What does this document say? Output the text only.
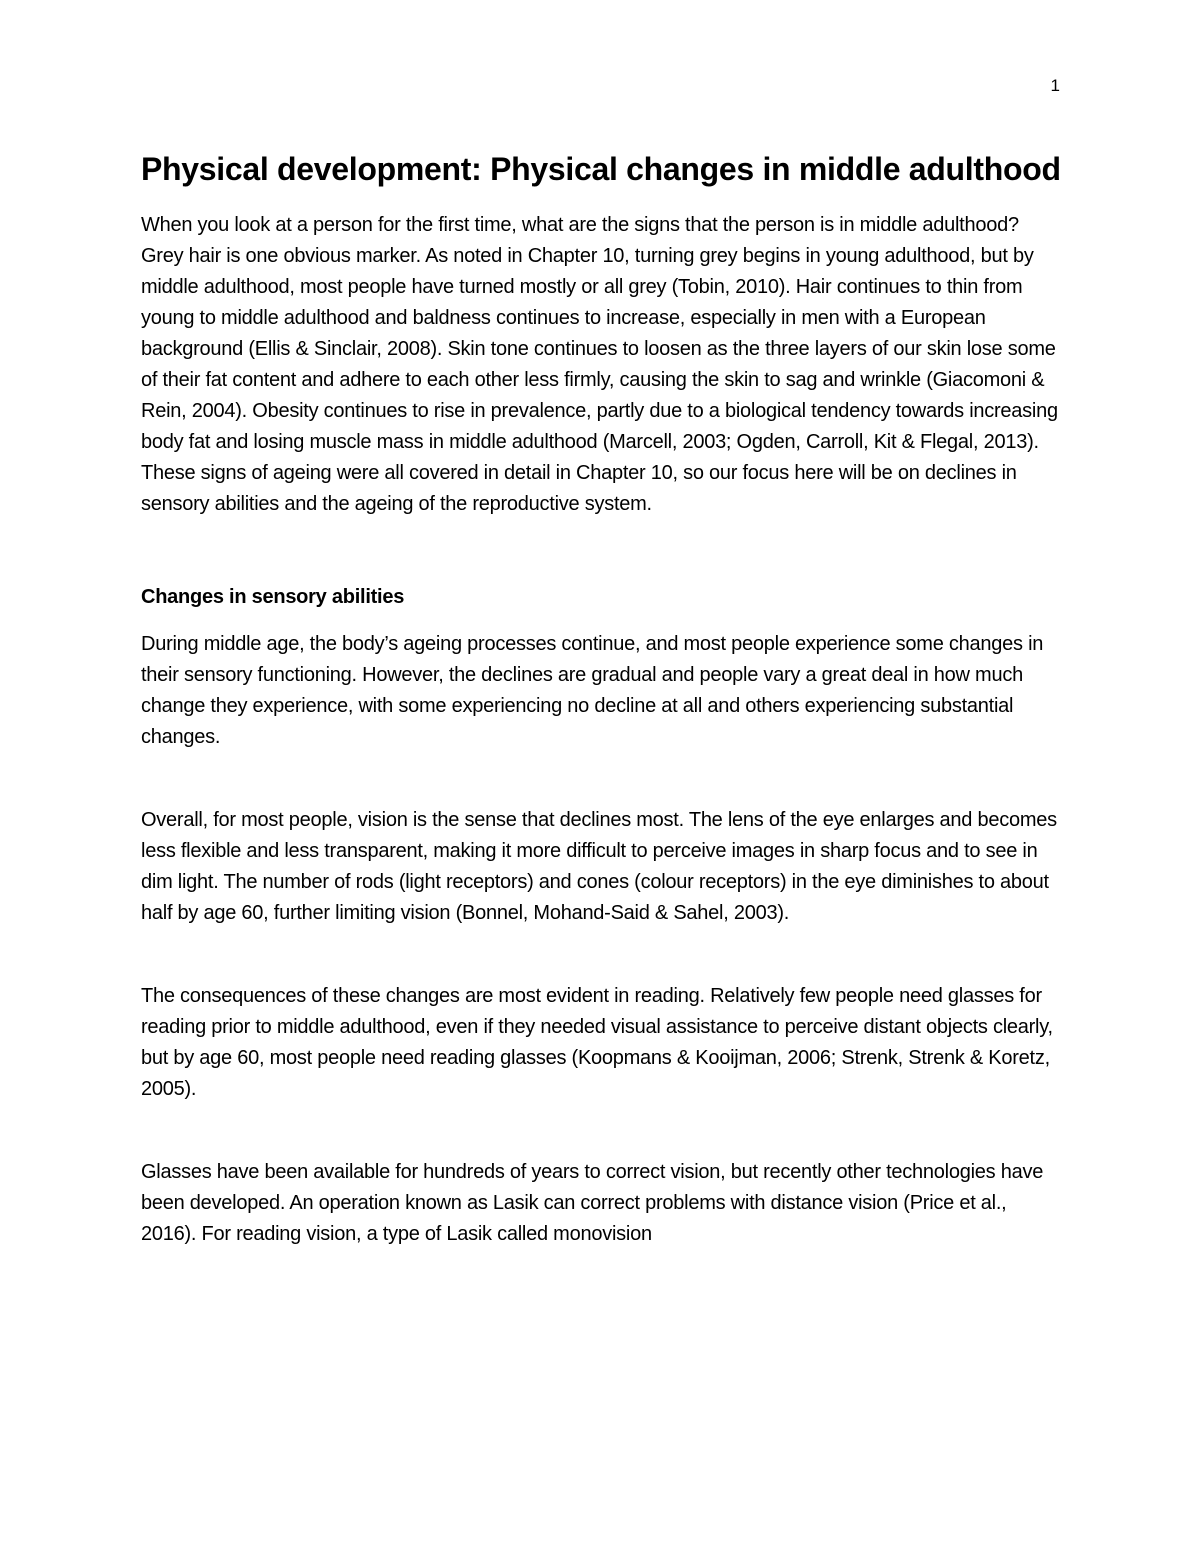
1
Physical development: Physical changes in middle adulthood

When you look at a person for the first time, what are the signs that the person is in middle adulthood? Grey hair is one obvious marker. As noted in Chapter 10, turning grey begins in young adulthood, but by middle adulthood, most people have turned mostly or all grey (Tobin, 2010). Hair continues to thin from young to middle adulthood and baldness continues to increase, especially in men with a European background (Ellis & Sinclair, 2008). Skin tone continues to loosen as the three layers of our skin lose some of their fat content and adhere to each other less firmly, causing the skin to sag and wrinkle (Giacomoni & Rein, 2004). Obesity continues to rise in prevalence, partly due to a biological tendency towards increasing body fat and losing muscle mass in middle adulthood (Marcell, 2003; Ogden, Carroll, Kit & Flegal, 2013). These signs of ageing were all covered in detail in Chapter 10, so our focus here will be on declines in sensory abilities and the ageing of the reproductive system.

Changes in sensory abilities

During middle age, the body’s ageing processes continue, and most people experience some changes in their sensory functioning. However, the declines are gradual and people vary a great deal in how much change they experience, with some experiencing no decline at all and others experiencing substantial changes.

Overall, for most people, vision is the sense that declines most. The lens of the eye enlarges and becomes less flexible and less transparent, making it more difficult to perceive images in sharp focus and to see in dim light. The number of rods (light receptors) and cones (colour receptors) in the eye diminishes to about half by age 60, further limiting vision (Bonnel, Mohand-Said & Sahel, 2003).

The consequences of these changes are most evident in reading. Relatively few people need glasses for reading prior to middle adulthood, even if they needed visual assistance to perceive distant objects clearly, but by age 60, most people need reading glasses (Koopmans & Kooijman, 2006; Strenk, Strenk & Koretz, 2005).

Glasses have been available for hundreds of years to correct vision, but recently other technologies have been developed. An operation known as Lasik can correct problems with distance vision (Price et al., 2016). For reading vision, a type of Lasik called monovision
